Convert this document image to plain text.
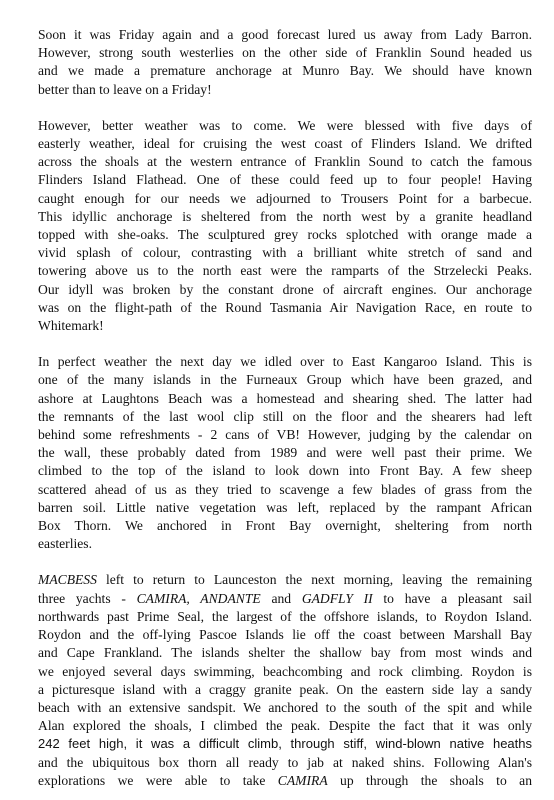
Soon it was Friday again and a good forecast lured us away from Lady Barron.
However, strong south westerlies on the other side of Franklin Sound headed us
and we made a premature anchorage at Munro Bay. We should have known
better than to leave on a Friday!

However, better weather was to come. We were blessed with five days of
easterly weather, ideal for cruising the west coast of Flinders Island. We drifted
across the shoals at the western entrance of Franklin Sound to catch the famous
Flinders Island Flathead. One of these could feed up to four people! Having
caught enough for our needs we adjourned to Trousers Point for a barbecue.
This idyllic anchorage is sheltered from the north west by a granite headland
topped with she-oaks. The sculptured grey rocks splotched with orange made a
vivid splash of colour, contrasting with a brilliant white stretch of sand and
towering above us to the north east were the ramparts of the Strzelecki Peaks.
Our idyll was broken by the constant drone of aircraft engines. Our anchorage
was on the flight-path of the Round Tasmania Air Navigation Race, en route to
Whitemark!

In perfect weather the next day we idled over to East Kangaroo Island. This is
one of the many islands in the Furneaux Group which have been grazed, and
ashore at Laughtons Beach was a homestead and shearing shed. The latter had
the remnants of the last wool clip still on the floor and the shearers had left
behind some refreshments - 2 cans of VB! However, judging by the calendar on
the wall, these probably dated from 1989 and were well past their prime. We
climbed to the top of the island to look down into Front Bay. A few sheep
scattered ahead of us as they tried to scavenge a few blades of grass from the
barren soil. Little native vegetation was left, replaced by the rampant African
Box Thorn. We anchored in Front Bay overnight, sheltering from north
easterlies.

MACBESS left to return to Launceston the next morning, leaving the remaining
three yachts - CAMIRA, ANDANTE and GADFLY II to have a pleasant sail
northwards past Prime Seal, the largest of the offshore islands, to Roydon Island.
Roydon and the off-lying Pascoe Islands lie off the coast between Marshall Bay
and Cape Frankland. The islands shelter the shallow bay from most winds and
we enjoyed several days swimming, beachcombing and rock climbing. Roydon is
a picturesque island with a craggy granite peak. On the eastern side lay a sandy
beach with an extensive sandspit. We anchored to the south of the spit and while
Alan explored the shoals, I climbed the peak. Despite the fact that it was only
242 feet high, it was a difficult climb, through stiff, wind-blown native heaths
and the ubiquitous box thorn all ready to jab at naked shins. Following Alan's
explorations we were able to take CAMIRA up through the shoals to an
